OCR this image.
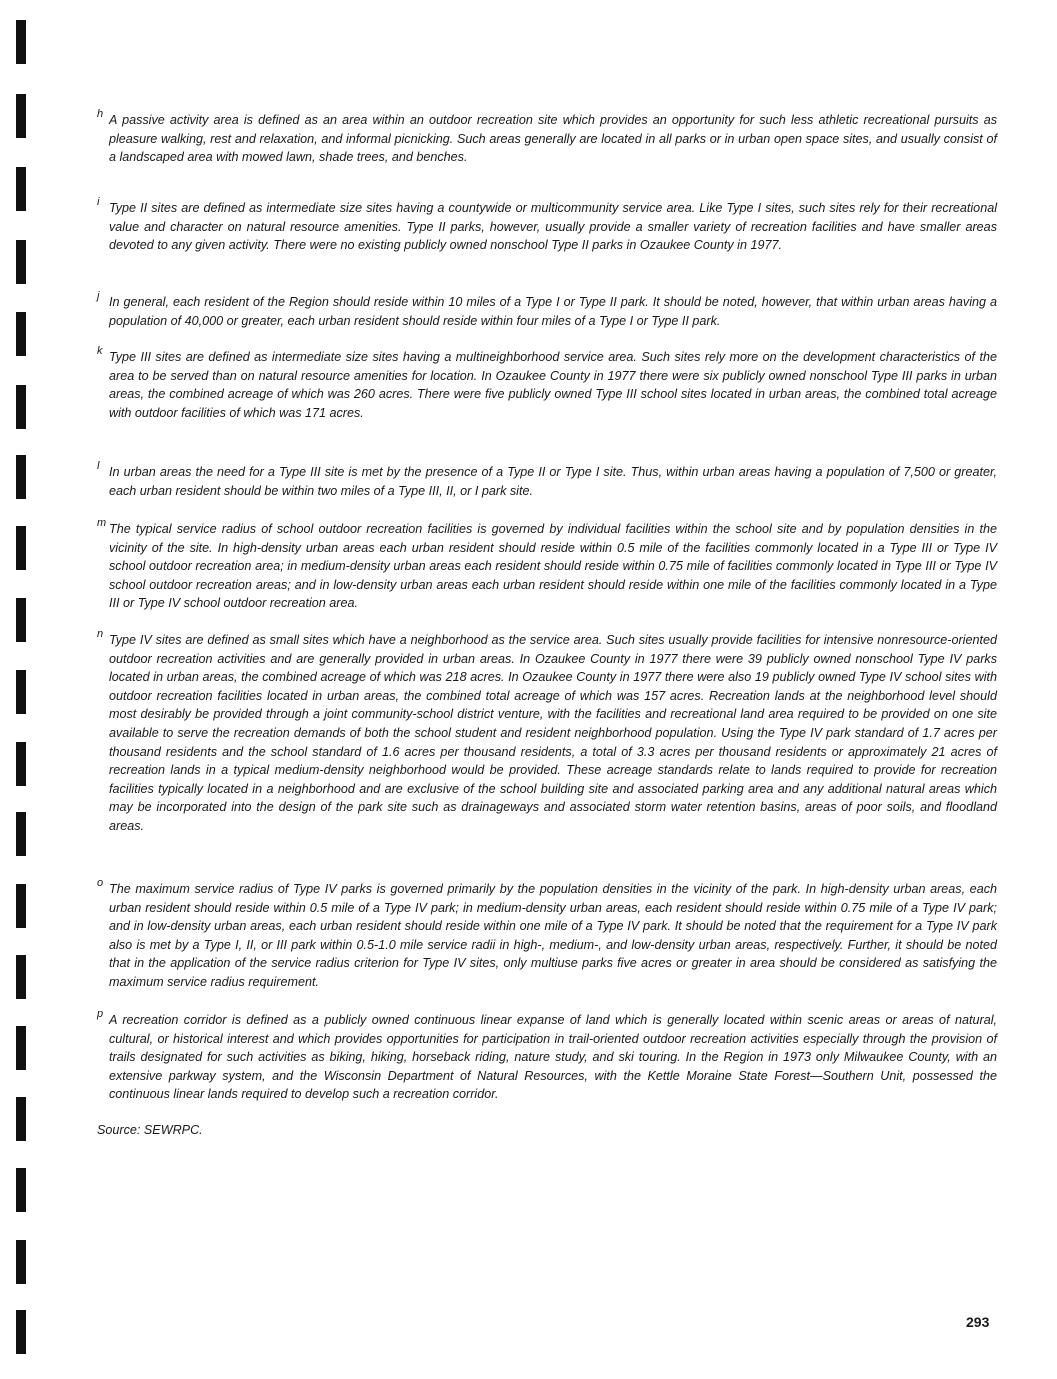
h A passive activity area is defined as an area within an outdoor recreation site which provides an opportunity for such less athletic recreational pursuits as pleasure walking, rest and relaxation, and informal picnicking. Such areas generally are located in all parks or in urban open space sites, and usually consist of a landscaped area with mowed lawn, shade trees, and benches.

i Type II sites are defined as intermediate size sites having a countywide or multicommunity service area. Like Type I sites, such sites rely for their recreational value and character on natural resource amenities. Type II parks, however, usually provide a smaller variety of recreation facilities and have smaller areas devoted to any given activity. There were no existing publicly owned nonschool Type II parks in Ozaukee County in 1977.

j In general, each resident of the Region should reside within 10 miles of a Type I or Type II park. It should be noted, however, that within urban areas having a population of 40,000 or greater, each urban resident should reside within four miles of a Type I or Type II park.

k Type III sites are defined as intermediate size sites having a multineighborhood service area. Such sites rely more on the development characteristics of the area to be served than on natural resource amenities for location. In Ozaukee County in 1977 there were six publicly owned nonschool Type III parks in urban areas, the combined acreage of which was 260 acres. There were five publicly owned Type III school sites located in urban areas, the combined total acreage with outdoor facilities of which was 171 acres.

l In urban areas the need for a Type III site is met by the presence of a Type II or Type I site. Thus, within urban areas having a population of 7,500 or greater, each urban resident should be within two miles of a Type III, II, or I park site.

m The typical service radius of school outdoor recreation facilities is governed by individual facilities within the school site and by population densities in the vicinity of the site. In high-density urban areas each urban resident should reside within 0.5 mile of the facilities commonly located in a Type III or Type IV school outdoor recreation area; in medium-density urban areas each resident should reside within 0.75 mile of facilities commonly located in Type III or Type IV school outdoor recreation areas; and in low-density urban areas each urban resident should reside within one mile of the facilities commonly located in a Type III or Type IV school outdoor recreation area.

n Type IV sites are defined as small sites which have a neighborhood as the service area. Such sites usually provide facilities for intensive nonresource-oriented outdoor recreation activities and are generally provided in urban areas. In Ozaukee County in 1977 there were 39 publicly owned nonschool Type IV parks located in urban areas, the combined acreage of which was 218 acres. In Ozaukee County in 1977 there were also 19 publicly owned Type IV school sites with outdoor recreation facilities located in urban areas, the combined total acreage of which was 157 acres. Recreation lands at the neighborhood level should most desirably be provided through a joint community-school district venture, with the facilities and recreational land area required to be provided on one site available to serve the recreation demands of both the school student and resident neighborhood population. Using the Type IV park standard of 1.7 acres per thousand residents and the school standard of 1.6 acres per thousand residents, a total of 3.3 acres per thousand residents or approximately 21 acres of recreation lands in a typical medium-density neighborhood would be provided. These acreage standards relate to lands required to provide for recreation facilities typically located in a neighborhood and are exclusive of the school building site and associated parking area and any additional natural areas which may be incorporated into the design of the park site such as drainageways and associated storm water retention basins, areas of poor soils, and floodland areas.

o The maximum service radius of Type IV parks is governed primarily by the population densities in the vicinity of the park. In high-density urban areas, each urban resident should reside within 0.5 mile of a Type IV park; in medium-density urban areas, each resident should reside within 0.75 mile of a Type IV park; and in low-density urban areas, each urban resident should reside within one mile of a Type IV park. It should be noted that the requirement for a Type IV park also is met by a Type I, II, or III park within 0.5-1.0 mile service radii in high-, medium-, and low-density urban areas, respectively. Further, it should be noted that in the application of the service radius criterion for Type IV sites, only multiuse parks five acres or greater in area should be considered as satisfying the maximum service radius requirement.

p A recreation corridor is defined as a publicly owned continuous linear expanse of land which is generally located within scenic areas or areas of natural, cultural, or historical interest and which provides opportunities for participation in trail-oriented outdoor recreation activities especially through the provision of trails designated for such activities as biking, hiking, horseback riding, nature study, and ski touring. In the Region in 1973 only Milwaukee County, with an extensive parkway system, and the Wisconsin Department of Natural Resources, with the Kettle Moraine State Forest—Southern Unit, possessed the continuous linear lands required to develop such a recreation corridor.

Source: SEWRPC.

293
